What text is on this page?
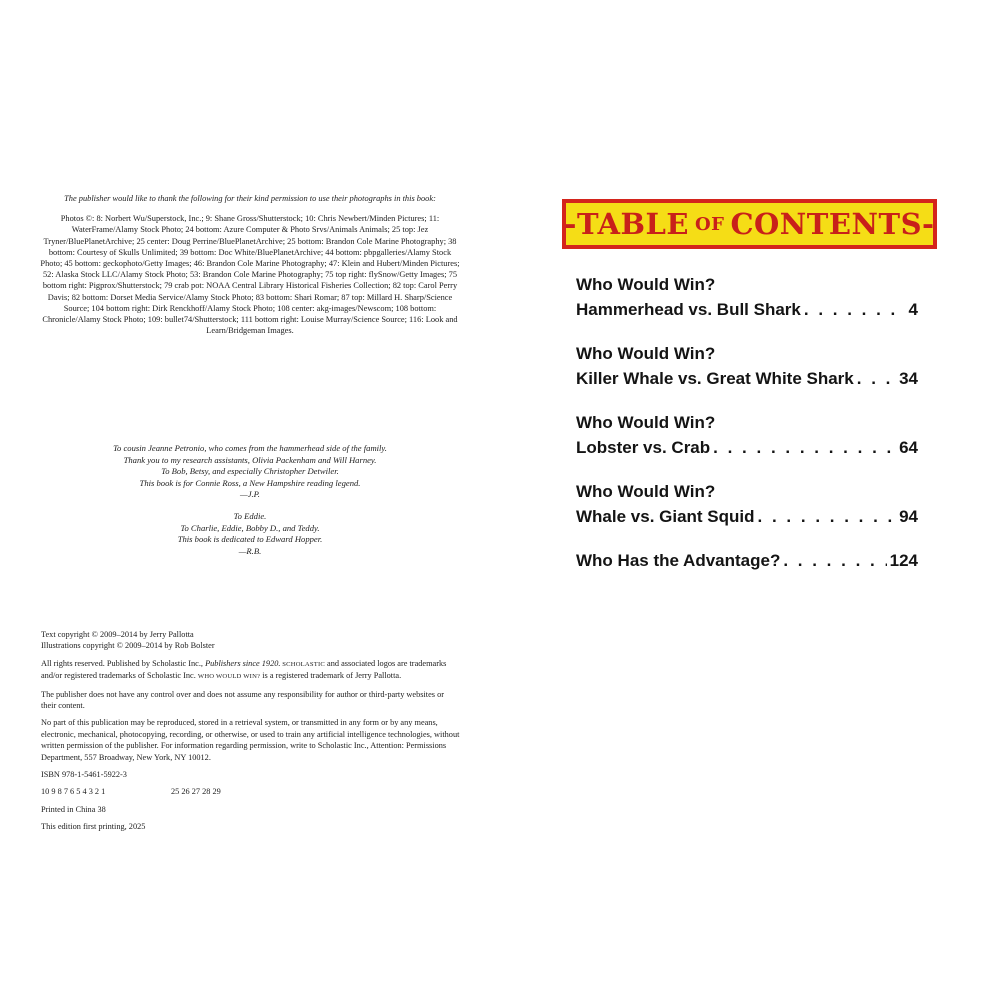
The publisher would like to thank the following for their kind permission to use their photographs in this book:

Photos ©: 8: Norbert Wu/Superstock, Inc.; 9: Shane Gross/Shutterstock; 10: Chris Newbert/Minden Pictures; 11: WaterFrame/Alamy Stock Photo; 24 bottom: Azure Computer & Photo Srvs/Animals Animals; 25 top: Jez Tryner/BluePlanetArchive; 25 center: Doug Perrine/BluePlanetArchive; 25 bottom: Brandon Cole Marine Photography; 38 bottom: Courtesy of Skulls Unlimited; 39 bottom: Doc White/BluePlanetArchive; 44 bottom: pbpgalleries/Alamy Stock Photo; 45 bottom: geckophoto/Getty Images; 46: Brandon Cole Marine Photography; 47: Klein and Hubert/Minden Pictures; 52: Alaska Stock LLC/Alamy Stock Photo; 53: Brandon Cole Marine Photography; 75 top right: flySnow/Getty Images; 75 bottom right: Pigprox/Shutterstock; 79 crab pot: NOAA Central Library Historical Fisheries Collection; 82 top: Carol Perry Davis; 82 bottom: Dorset Media Service/Alamy Stock Photo; 83 bottom: Shari Romar; 87 top: Millard H. Sharp/Science Source; 104 bottom right: Dirk Renckhoff/Alamy Stock Photo; 108 center: akg-images/Newscom; 108 bottom: Chronicle/Alamy Stock Photo; 109: bullet74/Shutterstock; 111 bottom right: Louise Murray/Science Source; 116: Look and Learn/Bridgeman Images.

To cousin Jeanne Petronio, who comes from the hammerhead side of the family.
Thank you to my research assistants, Olivia Packenham and Will Harney.
To Bob, Betsy, and especially Christopher Detwiler.
This book is for Connie Ross, a New Hampshire reading legend.
—J.P.
To Eddie.
To Charlie, Eddie, Bobby D., and Teddy.
This book is dedicated to Edward Hopper.
—R.B.

Text copyright © 2009–2014 by Jerry Pallotta
Illustrations copyright © 2009–2014 by Rob Bolster

All rights reserved. Published by Scholastic Inc., Publishers since 1920. SCHOLASTIC and associated logos are trademarks and/or registered trademarks of Scholastic Inc. WHO WOULD WIN? is a registered trademark of Jerry Pallotta.

The publisher does not have any control over and does not assume any responsibility for author or third-party websites or their content.

No part of this publication may be reproduced, stored in a retrieval system, or transmitted in any form or by any means, electronic, mechanical, photocopying, recording, or otherwise, or used to train any artificial intelligence technologies, without written permission of the publisher. For information regarding permission, write to Scholastic Inc., Attention: Permissions Department, 557 Broadway, New York, NY 10012.

ISBN 978-1-5461-5922-3

10 9 8 7 6 5 4 3 2 1	25 26 27 28 29

Printed in China 38

This edition first printing, 2025

- TABLE OF CONTENTS -
Who Would Win?
Hammerhead vs. Bull Shark . . .	4
Who Would Win?
Killer Whale vs. Great White Shark . . .	34
Who Would Win?
Lobster vs. Crab . . .	64
Who Would Win?
Whale vs. Giant Squid . . .	94
Who Has the Advantage? . . .	124
